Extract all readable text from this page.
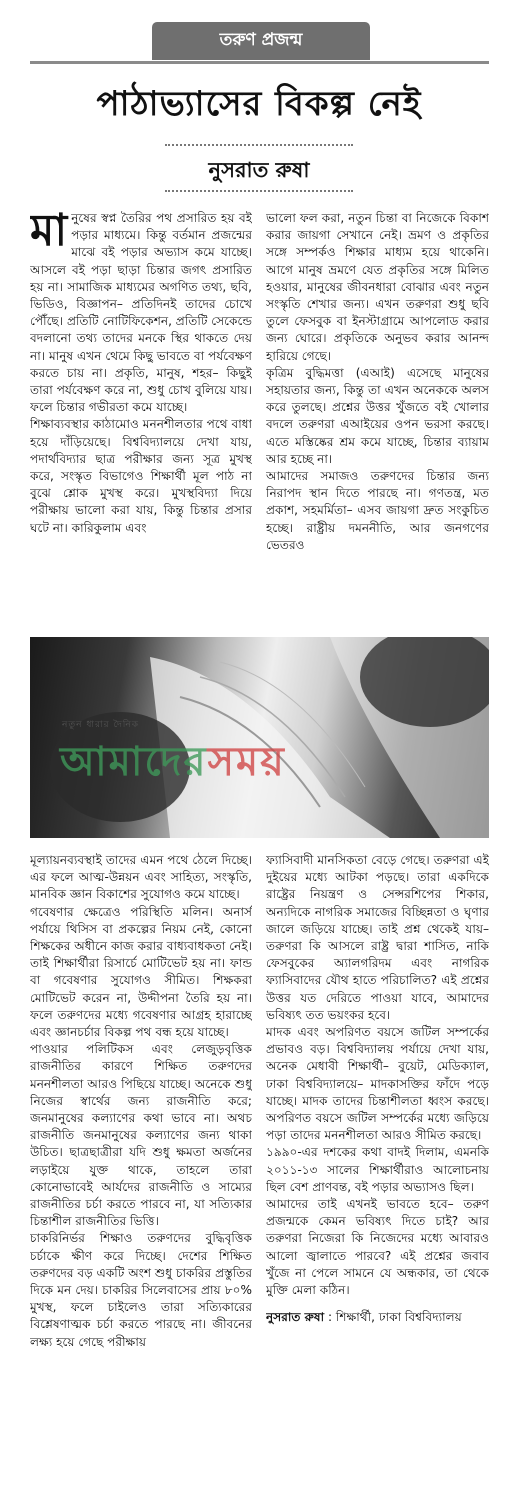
তরুণ প্রজন্ম
পাঠাভ্যাসের বিকল্প নেই
নুসরাত রুষা

মানুষের স্বপ্ন তৈরির পথ প্রসারিত হয় বই পড়ার মাধ্যমে। কিন্তু বর্তমান প্রজন্মের মাঝে বই পড়ার অভ্যাস কমে যাচ্ছে। আসলে বই পড়া ছাড়া চিন্তার জগৎ প্রসারিত হয় না। সামাজিক মাধ্যমের অগণিত তথ্য, ছবি, ভিডিও, বিজ্ঞাপন– প্রতিদিনই তাদের চোখে পৌঁছে। প্রতিটি নোটিফিকেশন, প্রতিটি সেকেন্ডে বদলানো তথ্য তাদের মনকে স্থির থাকতে দেয় না। মানুষ এখন থেমে কিছু ভাবতে বা পর্যবেক্ষণ করতে চায় না। প্রকৃতি, মানুষ, শহর– কিছুই তারা পর্যবেক্ষণ করে না, শুধু চোখ বুলিয়ে যায়। ফলে চিন্তার গভীরতা কমে যাচ্ছে।

শিক্ষাব্যবস্থার কাঠামোও মননশীলতার পথে বাধা হয়ে দাঁড়িয়েছে। বিশ্ববিদ্যালয়ে দেখা যায়, পদার্থবিদ্যার ছাত্র পরীক্ষার জন্য সূত্র মুখস্থ করে, সংস্কৃত বিভাগেও শিক্ষার্থী মূল পাঠ না বুঝে শ্লোক মুখস্থ করে। মুখস্থবিদ্যা দিয়ে পরীক্ষায় ভালো করা যায়, কিন্তু চিন্তার প্রসার ঘটে না। কারিকুলাম এবং

ভালো ফল করা, নতুন চিন্তা বা নিজেকে বিকাশ করার জায়গা সেখানে নেই। ভ্রমণ ও প্রকৃতির সঙ্গে সম্পর্কও শিক্ষার মাধ্যম হয়ে থাকেনি। আগে মানুষ ভ্রমণে যেত প্রকৃতির সঙ্গে মিলিত হওয়ার, মানুষের জীবনধারা বোঝার এবং নতুন সংস্কৃতি শেখার জন্য। এখন তরুণরা শুধু ছবি তুলে ফেসবুক বা ইনস্টাগ্রামে আপলোড করার জন্য ঘোরে। প্রকৃতিকে অনুভব করার আনন্দ হারিয়ে গেছে।

কৃত্রিম বুদ্ধিমত্তা (এআই) এসেছে মানুষের সহায়তার জন্য, কিন্তু তা এখন অনেককে অলস করে তুলছে। প্রশ্নের উত্তর খুঁজতে বই খোলার বদলে তরুণরা এআইয়ের ওপন ভরসা করছে। এতে মস্তিষ্কের শ্রম কমে যাচ্ছে, চিন্তার ব্যায়াম আর হচ্ছে না।

আমাদের সমাজও তরুণদের চিন্তার জন্য নিরাপদ স্থান দিতে পারছে না। গণতন্ত্র, মত প্রকাশ, সহমর্মিতা– এসব জায়গা দ্রুত সংকুচিত হচ্ছে। রাষ্ট্রীয় দমননীতি, আর জনগণের ভেতরও

নতুন ধারার দৈনিক
আমাদেরসময়

মূল্যায়নব্যবস্থাই তাদের এমন পথে ঠেলে দিচ্ছে। এর ফলে আত্ম-উন্নয়ন এবং সাহিত্য, সংস্কৃতি, মানবিক জ্ঞান বিকাশের সুযোগও কমে যাচ্ছে।

গবেষণার ক্ষেত্রেও পরিস্থিতি মলিন। অনার্স পর্যায়ে থিসিস বা প্রকল্পের নিয়ম নেই, কোনো শিক্ষকের অধীনে কাজ করার বাধ্যবাধকতা নেই। তাই শিক্ষার্থীরা রিসার্চে মোটিভেট হয় না। ফান্ড বা গবেষণার সুযোগও সীমিত। শিক্ষকরা মোটিভেট করেন না, উদ্দীপনা তৈরি হয় না। ফলে তরুণদের মধ্যে গবেষণার আগ্রহ হারাচ্ছে এবং জ্ঞানচর্চার বিকল্প পথ বন্ধ হয়ে যাচ্ছে।

পাওয়ার পলিটিকস এবং লেজুড়বৃত্তিক রাজনীতির কারণে শিক্ষিত তরুণদের মননশীলতা আরও পিছিয়ে যাচ্ছে। অনেকে শুধু নিজের স্বার্থের জন্য রাজনীতি করে; জনমানুষের কল্যাণের কথা ভাবে না। অথচ রাজনীতি জনমানুষের কল্যাণের জন্য থাকা উচিত। ছাত্রছাত্রীরা যদি শুধু ক্ষমতা অর্জনের লড়াইয়ে যুক্ত থাকে, তাহলে তারা কোনোভাবেই আর্যদের রাজনীতি ও সাম্যের রাজনীতির চর্চা করতে পারবে না, যা সত্যিকার চিন্তাশীল রাজনীতির ভিত্তি।

চাকরিনির্ভর শিক্ষাও তরুণদের বুদ্ধিবৃত্তিক চর্চাকে ক্ষীণ করে দিচ্ছে। দেশের শিক্ষিত তরুণদের বড় একটি অংশ শুধু চাকরির প্রস্তুতির দিকে মন দেয়। চাকরির সিলেবাসের প্রায় ৮০% মুখস্থ, ফলে চাইলেও তারা সত্যিকারের বিশ্লেষণাত্মক চর্চা করতে পারছে না। জীবনের লক্ষ্য হয়ে গেছে পরীক্ষায়

ফ্যাসিবাদী মানসিকতা বেড়ে গেছে। তরুণরা এই দুইয়ের মধ্যে আটকা পড়ছে। তারা একদিকে রাষ্ট্রের নিয়ন্ত্রণ ও সেন্সরশিপের শিকার, অন্যদিকে নাগরিক সমাজের বিচ্ছিন্নতা ও ঘৃণার জালে জড়িয়ে যাচ্ছে। তাই প্রশ্ন থেকেই যায়– তরুণরা কি আসলে রাষ্ট্র দ্বারা শাসিত, নাকি ফেসবুকের অ্যালগরিদম এবং নাগরিক ফ্যাসিবাদের যৌথ হাতে পরিচালিত? এই প্রশ্নের উত্তর যত দেরিতে পাওয়া যাবে, আমাদের ভবিষ্যৎ তত ভয়ংকর হবে।

মাদক এবং অপরিণত বয়সে জটিল সম্পর্কের প্রভাবও বড়। বিশ্ববিদ্যালয় পর্যায়ে দেখা যায়, অনেক মেধাবী শিক্ষার্থী– বুয়েট, মেডিক্যাল, ঢাকা বিশ্ববিদ্যালয়ে– মাদকাসক্তির ফাঁদে পড়ে যাচ্ছে। মাদক তাদের চিন্তাশীলতা ধ্বংস করছে। অপরিণত বয়সে জটিল সম্পর্কের মধ্যে জড়িয়ে পড়া তাদের মননশীলতা আরও সীমিত করছে।

১৯৯০-এর দশকের কথা বাদই দিলাম, এমনকি ২০১১-১৩ সালের শিক্ষার্থীরাও আলোচনায় ছিল বেশ প্রাণবন্ত, বই পড়ার অভ্যাসও ছিল।

আমাদের তাই এখনই ভাবতে হবে– তরুণ প্রজন্মকে কেমন ভবিষ্যৎ দিতে চাই? আর তরুণরা নিজেরা কি নিজেদের মধ্যে আবারও আলো জ্বালাতে পারবে? এই প্রশ্নের জবাব খুঁজে না পেলে সামনে যে অন্ধকার, তা থেকে মুক্তি মেলা কঠিন।

নুসরাত রুষা : শিক্ষার্থী, ঢাকা বিশ্ববিদ্যালয়
